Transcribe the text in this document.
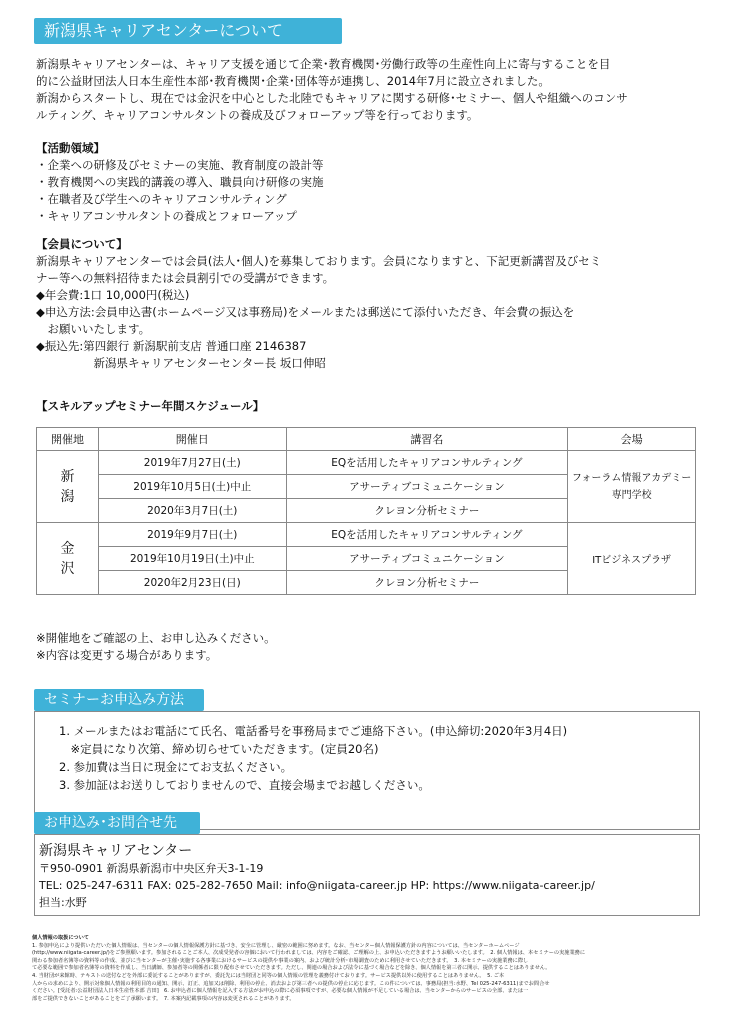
新潟県キャリアセンターについて

新潟県キャリアセンターは、キャリア支援を通じて企業･教育機関･労働行政等の生産性向上に寄与することを目

的に公益財団法人日本生産性本部･教育機関･企業･団体等が連携し、2014年7月に設立されました。

新潟からスタートし、現在では金沢を中心とした北陸でもキャリアに関する研修･セミナー、個人や組織へのコンサ

ルティング、キャリアコンサルタントの養成及びフォローアップ等を行っております。

【活動領域】

・企業への研修及びセミナーの実施、教育制度の設計等

・教育機関への実践的講義の導入、職員向け研修の実施

・在職者及び学生へのキャリアコンサルティング

・キャリアコンサルタントの養成とフォローアップ

【会員について】

新潟県キャリアセンターでは会員(法人･個人)を募集しております。会員になりますと、下記更新講習及びセミ

ナー等への無料招待または会員割引での受講ができます。

◆年会費:1口 10,000円(税込)

◆申込方法:会員申込書(ホームページ又は事務局)をメールまたは郵送にて添付いただき、年会費の振込を

　お願いいたします。

◆振込先:第四銀行 新潟駅前支店 普通口座 2146387

　　　　　新潟県キャリアセンターセンター長 坂口伸昭

【スキルアップセミナー年間スケジュール】

開催地	開催日	講習名	会場
新潟	2019年7月27日(土)	EQを活用したキャリアコンサルティング	フォーラム情報アカデミー
専門学校

	2019年10月5日(土)中止	アサーティブコミュニケーション	
	2020年3月7日(土)	クレヨン分析セミナー	
金沢	2019年9月7日(土)	EQを活用したキャリアコンサルティング	ITビジネスプラザ

	2019年10月19日(土)中止	アサーティブコミュニケーション	
	2020年2月23日(日)	クレヨン分析セミナー	

※開催地をご確認の上、お申し込みください。

※内容は変更する場合があります。

セミナーお申込み方法

1. メールまたはお電話にて氏名、電話番号を事務局までご連絡下さい。(申込締切:2020年3月4日)

　※定員になり次第、締め切らせていただきます。(定員20名)

2. 参加費は当日に現金にてお支払ください。

3. 参加証はお送りしておりませんので、直接会場までお越しください。

お申込み･お問合せ先

新潟県キャリアセンター

〒950-0901 新潟県新潟市中央区弁天3-1-19

TEL: 025-247-6311 FAX: 025-282-7650 Mail: info@niigata-career.jp HP: https://www.niigata-career.jp/

担当:水野

個人情報の取扱について

1. 参加申込により提供いただいた個人情報は、当センターの個人情報保護方針に基づき、安全に管理し、厳密の範囲に努めます。なお、当センター個人情報保護方針の内容については、当センターホームページ

(http://www.niigata-career.jp/)をご参照願います。参加されることご本人、次成受発者の容個において行われましては、内容をご確認、ご理解の上、お申込いただきますようお願いいたします。　2. 個人情報は、本セミナーの実施業務に

関わる参加者名簿等の資料等の作成、並びに当センターが主催･実施する各事業におけるサービスの提供や事業の案内、および統計分析･市場調査のために利用させていただきます。　3. 本セミナーの実施業務に際し

て必要な範囲で参加者名簿等の資料を作成し、当日講師、参加者等の関係者に限り配布させていただきます。ただし、関連の場合および法令に基づく場合などを除き、個人情報を第三者に開示、提供することはありません。

4. 当財団が来館時、テキストの送付などを外部に委託することがありますが、委託先には当財団と同等の個人情報の管理を義務付けております。サービス提供以外に使用することはありません。　5. ご本

人からの求めにより、開示対象個人情報の利用目的の通知、開示、訂正、追加又は削除、利用の停止、消去および第三者への提供の停止に応じます。この件については、事務局(担当:水野、Tel 025-247-6311)までお問合せ

ください。[受託者:公益財団法人日本生産性本部 吉田]　6. お申込者に個人情報を記入する方法がお申込の際に必須事項ですが、必要な個人情報が不足している場合は、当センターからのサービスの全部、または一

部をご提供できないことがあることをご了承願います。　7. 本案内記載事項の内容は変更されることがあります。
